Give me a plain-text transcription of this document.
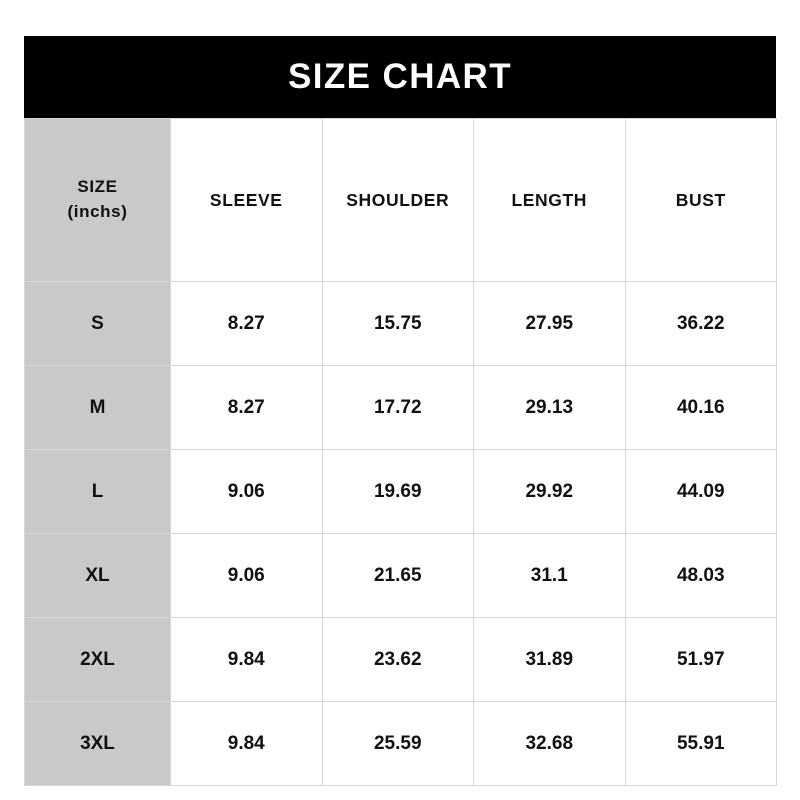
SIZE CHART
SIZE
(inchs)	SLEEVE	SHOULDER	LENGTH	BUST
S	8.27	15.75	27.95	36.22
M	8.27	17.72	29.13	40.16
L	9.06	19.69	29.92	44.09
XL	9.06	21.65	31.1	48.03
2XL	9.84	23.62	31.89	51.97
3XL	9.84	25.59	32.68	55.91
